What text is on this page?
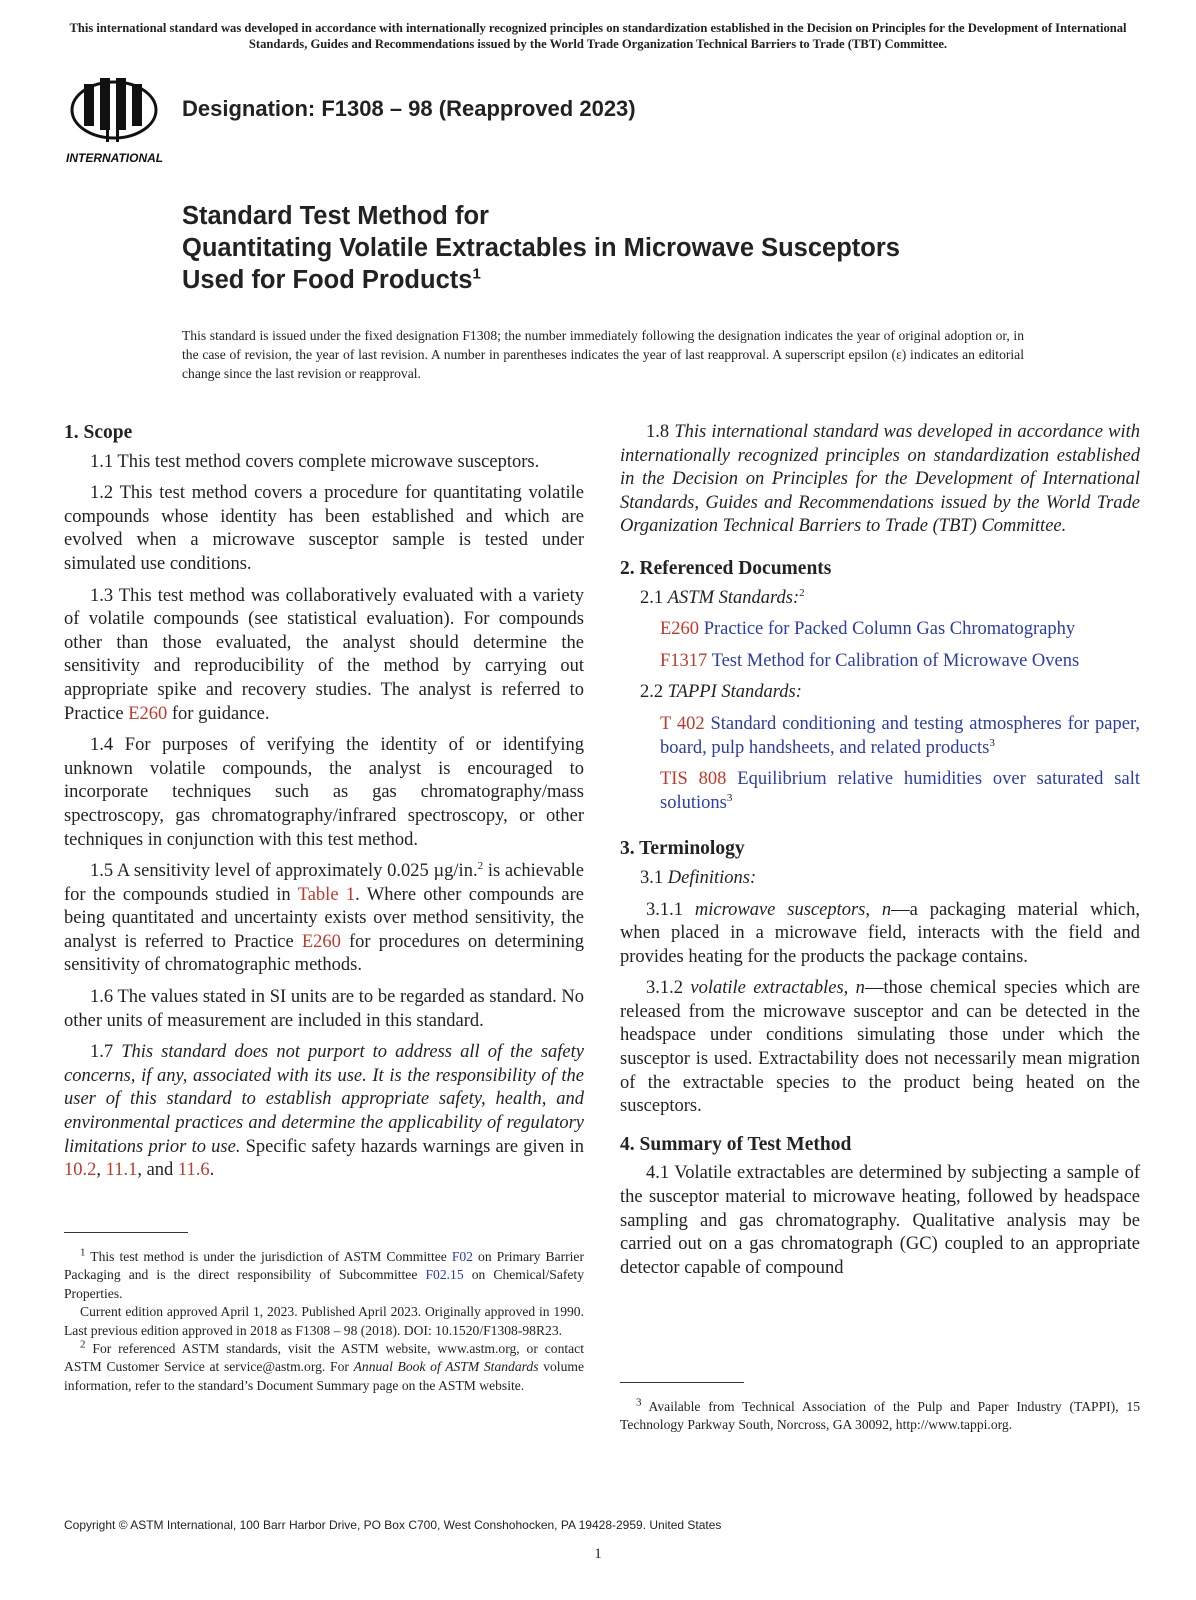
This international standard was developed in accordance with internationally recognized principles on standardization established in the Decision on Principles for the Development of International Standards, Guides and Recommendations issued by the World Trade Organization Technical Barriers to Trade (TBT) Committee.
INTERNATIONAL
Designation: F1308 – 98 (Reapproved 2023)
Standard Test Method for
Quantitating Volatile Extractables in Microwave Susceptors
Used for Food Products$^1$
This standard is issued under the fixed designation F1308; the number immediately following the designation indicates the year of original adoption or, in the case of revision, the year of last revision. A number in parentheses indicates the year of last reapproval. A superscript epsilon (ε) indicates an editorial change since the last revision or reapproval.
1. Scope

1.1 This test method covers complete microwave susceptors.

1.2 This test method covers a procedure for quantitating volatile compounds whose identity has been established and which are evolved when a microwave susceptor sample is tested under simulated use conditions.

1.3 This test method was collaboratively evaluated with a variety of volatile compounds (see statistical evaluation). For compounds other than those evaluated, the analyst should determine the sensitivity and reproducibility of the method by carrying out appropriate spike and recovery studies. The analyst is referred to Practice E260 for guidance.

1.4 For purposes of verifying the identity of or identifying unknown volatile compounds, the analyst is encouraged to incorporate techniques such as gas chromatography/mass spectroscopy, gas chromatography/infrared spectroscopy, or other techniques in conjunction with this test method.

1.5 A sensitivity level of approximately 0.025 µg/in.$^2$ is achievable for the compounds studied in Table 1. Where other compounds are being quantitated and uncertainty exists over method sensitivity, the analyst is referred to Practice E260 for procedures on determining sensitivity of chromatographic methods.

1.6 The values stated in SI units are to be regarded as standard. No other units of measurement are included in this standard.

1.7 This standard does not purport to address all of the safety concerns, if any, associated with its use. It is the responsibility of the user of this standard to establish appropriate safety, health, and environmental practices and determine the applicability of regulatory limitations prior to use. Specific safety hazards warnings are given in 10.2, 11.1, and 11.6.

$^1$ This test method is under the jurisdiction of ASTM Committee F02 on Primary Barrier Packaging and is the direct responsibility of Subcommittee F02.15 on Chemical/Safety Properties.

Current edition approved April 1, 2023. Published April 2023. Originally approved in 1990. Last previous edition approved in 2018 as F1308 – 98 (2018). DOI: 10.1520/F1308-98R23.

$^2$ For referenced ASTM standards, visit the ASTM website, www.astm.org, or contact ASTM Customer Service at service@astm.org. For Annual Book of ASTM Standards volume information, refer to the standard’s Document Summary page on the ASTM website.

1.8 This international standard was developed in accordance with internationally recognized principles on standardization established in the Decision on Principles for the Development of International Standards, Guides and Recommendations issued by the World Trade Organization Technical Barriers to Trade (TBT) Committee.

2. Referenced Documents

2.1 ASTM Standards:$^2$

E260 Practice for Packed Column Gas Chromatography

F1317 Test Method for Calibration of Microwave Ovens

2.2 TAPPI Standards:

T 402 Standard conditioning and testing atmospheres for paper, board, pulp handsheets, and related products$^3$

TIS 808 Equilibrium relative humidities over saturated salt solutions$^3$

3. Terminology

3.1 Definitions:

3.1.1 microwave susceptors, n—a packaging material which, when placed in a microwave field, interacts with the field and provides heating for the products the package contains.

3.1.2 volatile extractables, n—those chemical species which are released from the microwave susceptor and can be detected in the headspace under conditions simulating those under which the susceptor is used. Extractability does not necessarily mean migration of the extractable species to the product being heated on the susceptors.

4. Summary of Test Method

4.1 Volatile extractables are determined by subjecting a sample of the susceptor material to microwave heating, followed by headspace sampling and gas chromatography. Qualitative analysis may be carried out on a gas chromatograph (GC) coupled to an appropriate detector capable of compound

$^3$ Available from Technical Association of the Pulp and Paper Industry (TAPPI), 15 Technology Parkway South, Norcross, GA 30092, http://www.tappi.org.

Copyright © ASTM International, 100 Barr Harbor Drive, PO Box C700, West Conshohocken, PA 19428-2959. United States
1
